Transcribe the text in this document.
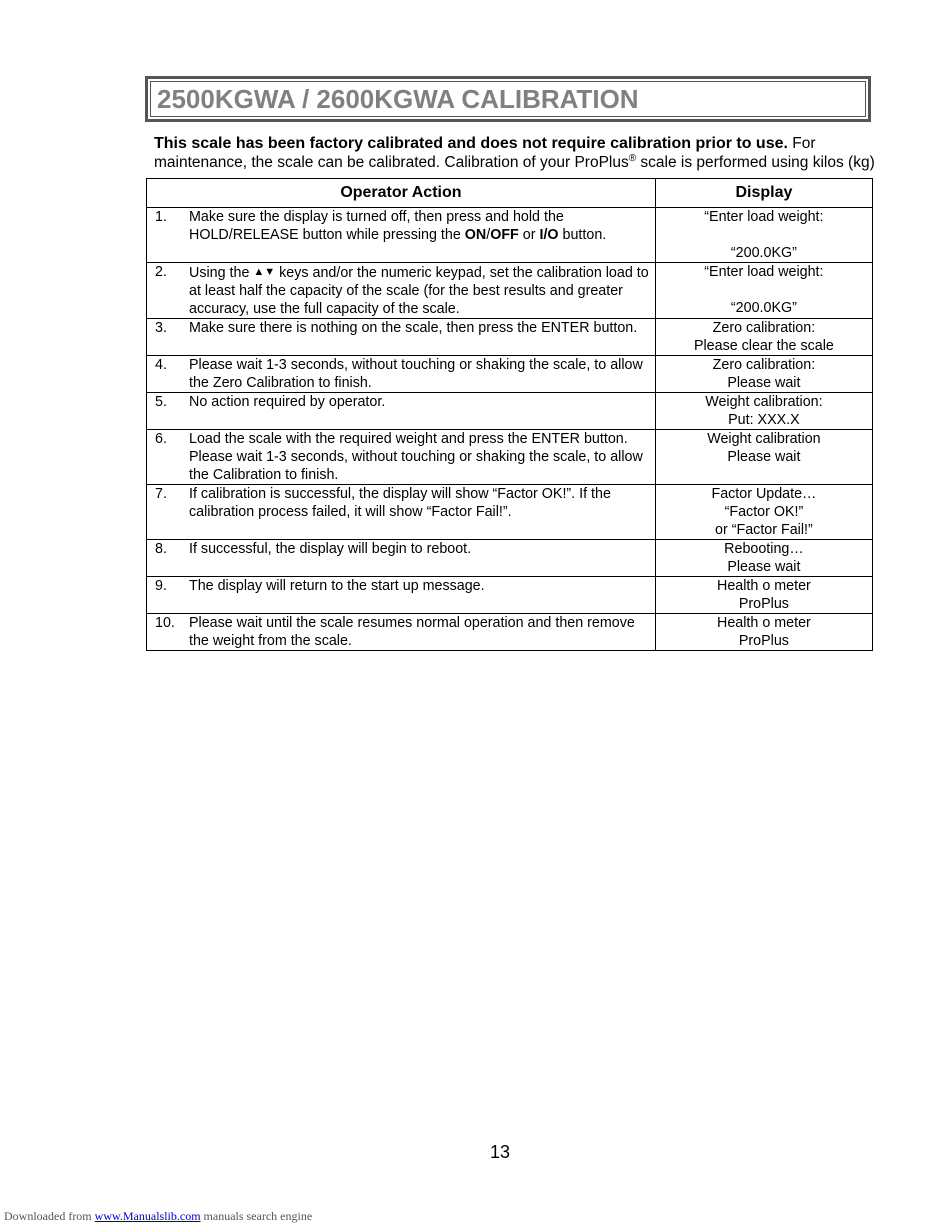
2500KGWA / 2600KGWA CALIBRATION
This scale has been factory calibrated and does not require calibration prior to use. For maintenance, the scale can be calibrated. Calibration of your ProPlus® scale is performed using kilos (kg)
Operator Action	Display

1. Make sure the display is turned off, then press and hold the HOLD/RELEASE button while pressing the ON/OFF or I/O button.	“Enter load weight:
“200.0KG”

2. Using the ▲▼ keys and/or the numeric keypad, set the calibration load to at least half the capacity of the scale (for the best results and greater accuracy, use the full capacity of the scale.	“Enter load weight:
“200.0KG”

3. Make sure there is nothing on the scale, then press the ENTER button.	Zero calibration:
Please clear the scale

4. Please wait 1-3 seconds, without touching or shaking the scale, to allow the Zero Calibration to finish.	Zero calibration:
Please wait

5. No action required by operator.	Weight calibration:
Put: XXX.X

6. Load the scale with the required weight and press the ENTER button. Please wait 1-3 seconds, without touching or shaking the scale, to allow the Calibration to finish.	Weight calibration
Please wait

7. If calibration is successful, the display will show “Factor OK!”. If the calibration process failed, it will show “Factor Fail!”.	Factor Update…
“Factor OK!”
or “Factor Fail!”

8. If successful, the display will begin to reboot.	Rebooting…
Please wait

9. The display will return to the start up message.	Health o meter
ProPlus

10. Please wait until the scale resumes normal operation and then remove the weight from the scale.	Health o meter
ProPlus
13
Downloaded from www.Manualslib.com manuals search engine
